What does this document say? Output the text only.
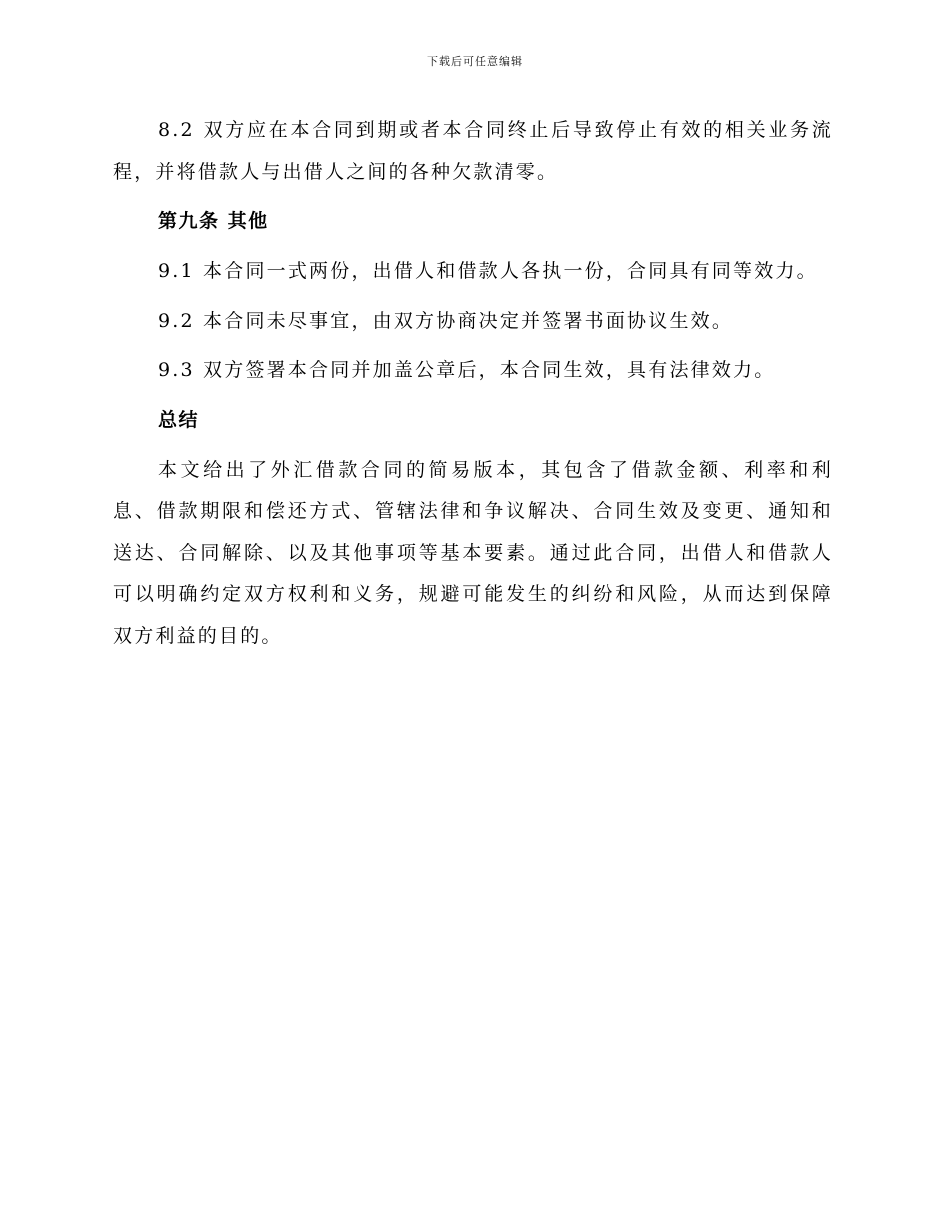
下载后可任意编辑

8.2 双方应在本合同到期或者本合同终止后导致停止有效的相关业务流程，并将借款人与出借人之间的各种欠款清零。

第九条 其他

9.1 本合同一式两份，出借人和借款人各执一份，合同具有同等效力。

9.2 本合同未尽事宜，由双方协商决定并签署书面协议生效。

9.3 双方签署本合同并加盖公章后，本合同生效，具有法律效力。

总结

本文给出了外汇借款合同的简易版本，其包含了借款金额、利率和利息、借款期限和偿还方式、管辖法律和争议解决、合同生效及变更、通知和送达、合同解除、以及其他事项等基本要素。通过此合同，出借人和借款人可以明确约定双方权利和义务，规避可能发生的纠纷和风险，从而达到保障双方利益的目的。
